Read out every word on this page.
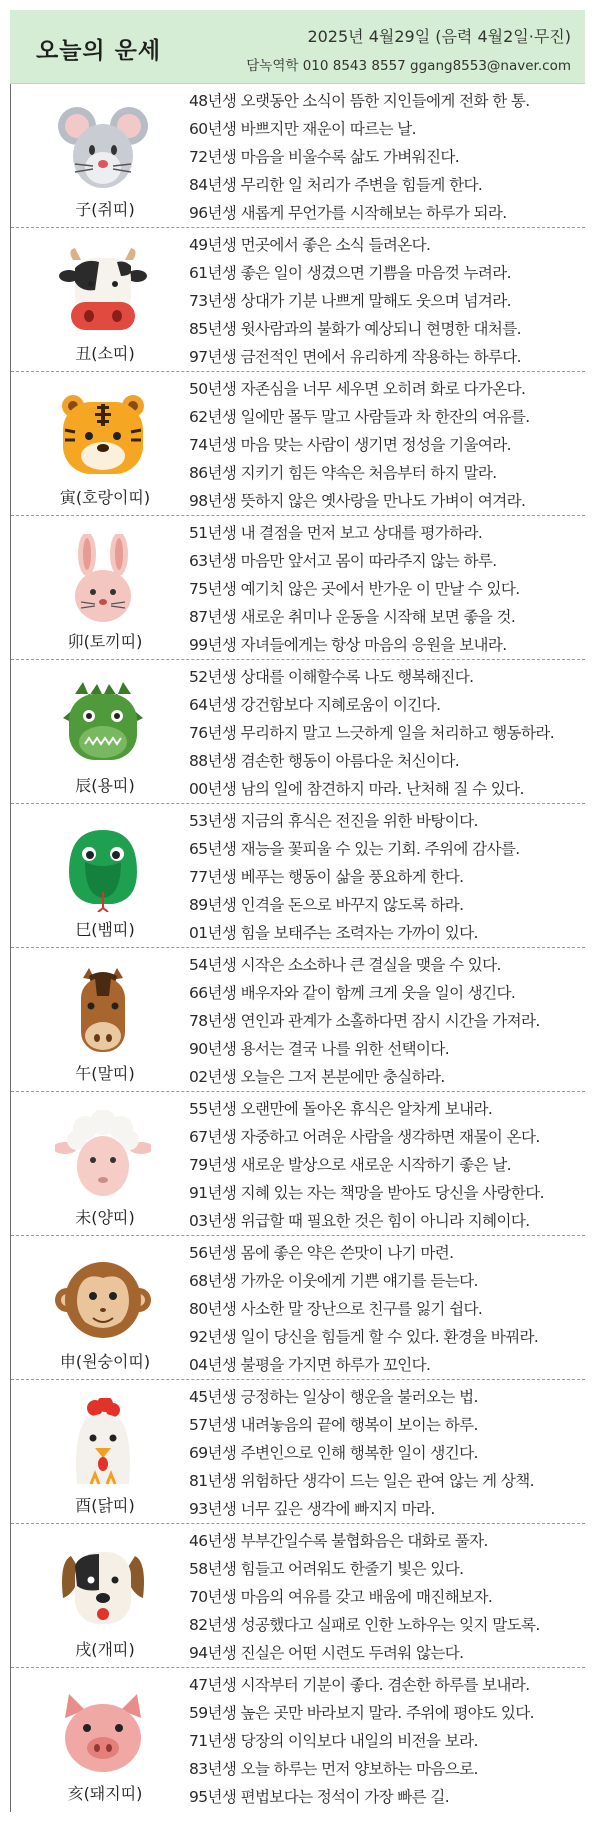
오늘의 운세
2025년 4월29일 (음력 4월2일·무진)
담녹역학 010 8543 8557 ggang8553@naver.com
子(쥐띠)
48년생 오랫동안 소식이 뜸한 지인들에게 전화 한 통.
60년생 바쁘지만 재운이 따르는 날.
72년생 마음을 비울수록 삶도 가벼워진다.
84년생 무리한 일 처리가 주변을 힘들게 한다.
96년생 새롭게 무언가를 시작해보는 하루가 되라.
丑(소띠)
49년생 먼곳에서 좋은 소식 들려온다.
61년생 좋은 일이 생겼으면 기쁨을 마음껏 누려라.
73년생 상대가 기분 나쁘게 말해도 웃으며 넘겨라.
85년생 윗사람과의 불화가 예상되니 현명한 대처를.
97년생 금전적인 면에서 유리하게 작용하는 하루다.
寅(호랑이띠)
50년생 자존심을 너무 세우면 오히려 화로 다가온다.
62년생 일에만 몰두 말고 사람들과 차 한잔의 여유를.
74년생 마음 맞는 사람이 생기면 정성을 기울여라.
86년생 지키기 힘든 약속은 처음부터 하지 말라.
98년생 뜻하지 않은 옛사랑을 만나도 가벼이 여겨라.
卯(토끼띠)
51년생 내 결점을 먼저 보고 상대를 평가하라.
63년생 마음만 앞서고 몸이 따라주지 않는 하루.
75년생 예기치 않은 곳에서 반가운 이 만날 수 있다.
87년생 새로운 취미나 운동을 시작해 보면 좋을 것.
99년생 자녀들에게는 항상 마음의 응원을 보내라.
辰(용띠)
52년생 상대를 이해할수록 나도 행복해진다.
64년생 강건함보다 지혜로움이 이긴다.
76년생 무리하지 말고 느긋하게 일을 처리하고 행동하라.
88년생 겸손한 행동이 아름다운 처신이다.
00년생 남의 일에 참견하지 마라. 난처해 질 수 있다.
巳(뱀띠)
53년생 지금의 휴식은 전진을 위한 바탕이다.
65년생 재능을 꽃피울 수 있는 기회. 주위에 감사를.
77년생 베푸는 행동이 삶을 풍요하게 한다.
89년생 인격을 돈으로 바꾸지 않도록 하라.
01년생 힘을 보태주는 조력자는 가까이 있다.
午(말띠)
54년생 시작은 소소하나 큰 결실을 맺을 수 있다.
66년생 배우자와 같이 함께 크게 웃을 일이 생긴다.
78년생 연인과 관계가 소홀하다면 잠시 시간을 가져라.
90년생 용서는 결국 나를 위한 선택이다.
02년생 오늘은 그저 본분에만 충실하라.
未(양띠)
55년생 오랜만에 돌아온 휴식은 알차게 보내라.
67년생 자중하고 어려운 사람을 생각하면 재물이 온다.
79년생 새로운 발상으로 새로운 시작하기 좋은 날.
91년생 지혜 있는 자는 책망을 받아도 당신을 사랑한다.
03년생 위급할 때 필요한 것은 힘이 아니라 지혜이다.
申(원숭이띠)
56년생 몸에 좋은 약은 쓴맛이 나기 마련.
68년생 가까운 이웃에게 기쁜 얘기를 듣는다.
80년생 사소한 말 장난으로 친구를 잃기 쉽다.
92년생 일이 당신을 힘들게 할 수 있다. 환경을 바꿔라.
04년생 불평을 가지면 하루가 꼬인다.
酉(닭띠)
45년생 긍정하는 일상이 행운을 불러오는 법.
57년생 내려놓음의 끝에 행복이 보이는 하루.
69년생 주변인으로 인해 행복한 일이 생긴다.
81년생 위험하단 생각이 드는 일은 관여 않는 게 상책.
93년생 너무 깊은 생각에 빠지지 마라.
戌(개띠)
46년생 부부간일수록 불협화음은 대화로 풀자.
58년생 힘들고 어려워도 한줄기 빛은 있다.
70년생 마음의 여유를 갖고 배움에 매진해보자.
82년생 성공했다고 실패로 인한 노하우는 잊지 말도록.
94년생 진실은 어떤 시련도 두려워 않는다.
亥(돼지띠)
47년생 시작부터 기분이 좋다. 겸손한 하루를 보내라.
59년생 높은 곳만 바라보지 말라. 주위에 평야도 있다.
71년생 당장의 이익보다 내일의 비전을 보라.
83년생 오늘 하루는 먼저 양보하는 마음으로.
95년생 편법보다는 정석이 가장 빠른 길.
